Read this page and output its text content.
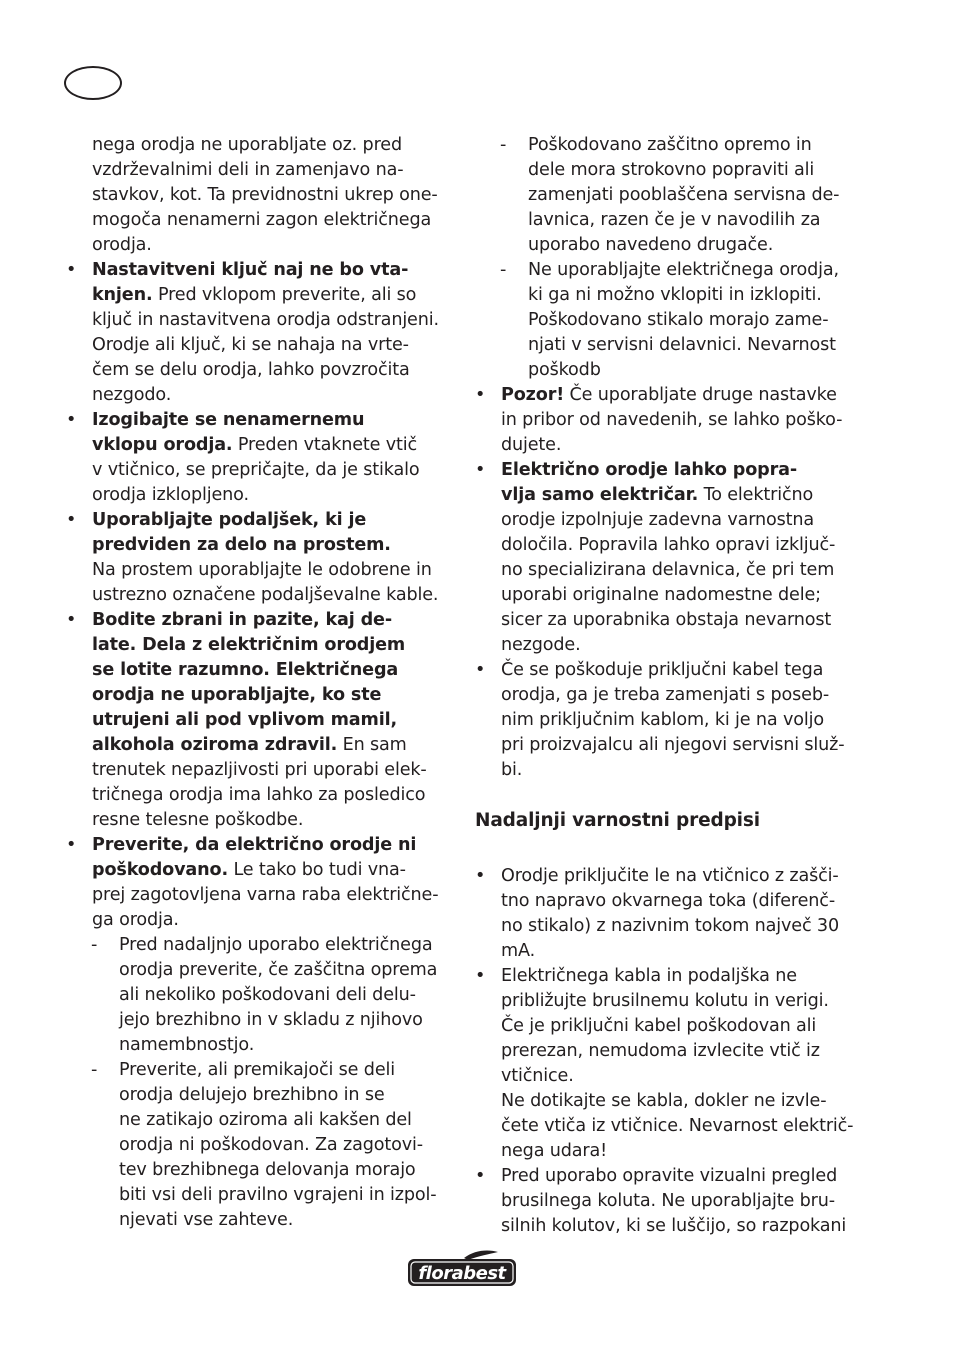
nega orodja ne uporabljate oz. pred
vzdrževalnimi deli in zamenjavo na-
stavkov, kot. Ta previdnostni ukrep one-
mogoča nenamerni zagon električnega
orodja.

• Nastavitveni ključ naj ne bo vta-
knjen. Pred vklopom preverite, ali so
ključ in nastavitvena orodja odstranjeni.
Orodje ali ključ, ki se nahaja na vrte-
čem se delu orodja, lahko povzročita
nezgodo.

• Izogibajte se nenamernemu
vklopu orodja. Preden vtaknete vtič
v vtičnico, se prepričajte, da je stikalo
orodja izklopljeno.

• Uporabljajte podaljšek, ki je
predviden za delo na prostem.
Na prostem uporabljajte le odobrene in
ustrezno označene podaljševalne kable.

• Bodite zbrani in pazite, kaj de-
late. Dela z električnim orodjem
se lotite razumno. Električnega
orodja ne uporabljajte, ko ste
utrujeni ali pod vplivom mamil,
alkohola oziroma zdravil. En sam
trenutek nepazljivosti pri uporabi elek-
tričnega orodja ima lahko za posledico
resne telesne poškodbe.

• Preverite, da električno orodje ni
poškodovano. Le tako bo tudi vna-
prej zagotovljena varna raba električne-
ga orodja.

- Pred nadaljnjo uporabo električnega
orodja preverite, če zaščitna oprema
ali nekoliko poškodovani deli delu-
jejo brezhibno in v skladu z njihovo
namembnostjo.

- Preverite, ali premikajoči se deli
orodja delujejo brezhibno in se
ne zatikajo oziroma ali kakšen del
orodja ni poškodovan. Za zagotovi-
tev brezhibnega delovanja morajo
biti vsi deli pravilno vgrajeni in izpol-
njevati vse zahteve.

- Poškodovano zaščitno opremo in
dele mora strokovno popraviti ali
zamenjati pooblaščena servisna de-
lavnica, razen če je v navodilih za
uporabo navedeno drugače.

- Ne uporabljajte električnega orodja,
ki ga ni možno vklopiti in izklopiti.
Poškodovano stikalo morajo zame-
njati v servisni delavnici. Nevarnost
poškodb

• Pozor! Če uporabljate druge nastavke
in pribor od navedenih, se lahko poško-
dujete.

• Električno orodje lahko popra-
vlja samo električar. To električno
orodje izpolnjuje zadevna varnostna
določila. Popravila lahko opravi izključ-
no specializirana delavnica, če pri tem
uporabi originalne nadomestne dele;
sicer za uporabnika obstaja nevarnost
nezgode.

• Če se poškoduje priključni kabel tega
orodja, ga je treba zamenjati s poseb-
nim priključnim kablom, ki je na voljo
pri proizvajalcu ali njegovi servisni služ-
bi.

Nadaljnji varnostni predpisi

• Orodje priključite le na vtičnico z zašči-
tno napravo okvarnega toka (diferenč-
no stikalo) z nazivnim tokom največ 30
mA.

• Električnega kabla in podaljška ne
približujte brusilnemu kolutu in verigi.
Če je priključni kabel poškodovan ali
prerezan, nemudoma izvlecite vtič iz
vtičnice.
Ne dotikajte se kabla, dokler ne izvle-
čete vtiča iz vtičnice. Nevarnost električ-
nega udara!

• Pred uporabo opravite vizualni pregled
brusilnega koluta. Ne uporabljajte bru-
silnih kolutov, ki se luščijo, so razpokani

florabest
